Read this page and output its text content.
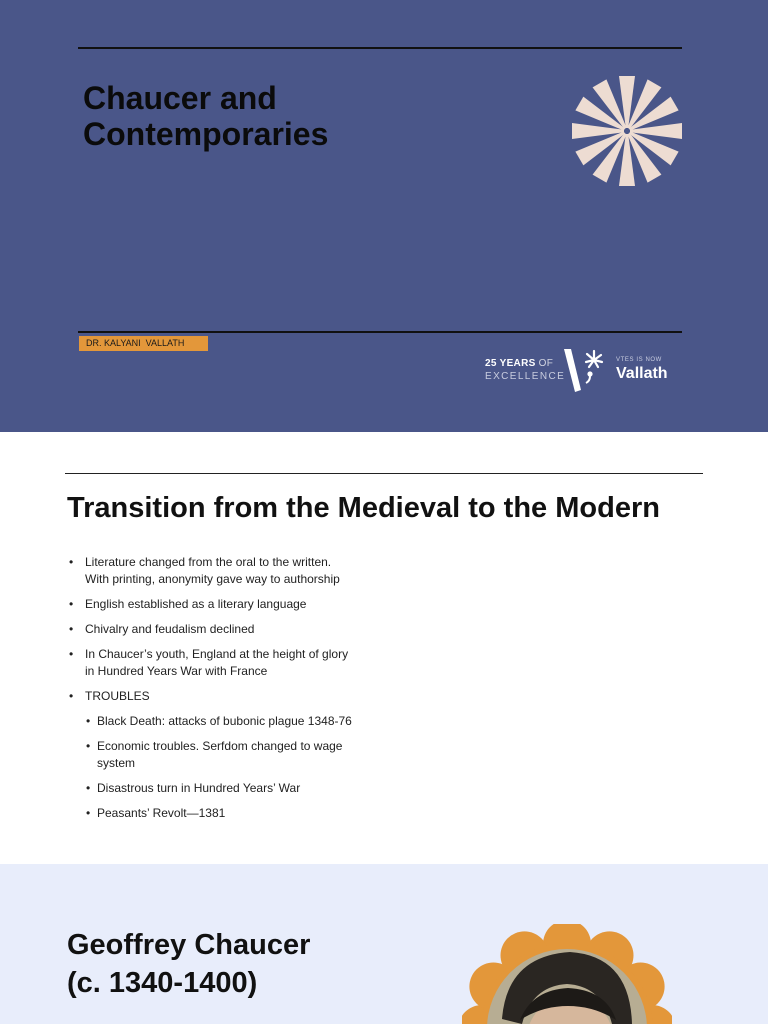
Chaucer and
Contemporaries
DR. KALYANI  VALLATH
25 YEARS OF
EXCELLENCE
VTES IS NOW
Vallath
Transition from the Medieval to the Modern
• Literature changed from the oral to the written.
With printing, anonymity gave way to authorship
• English established as a literary language
• Chivalry and feudalism declined
• In Chaucer’s youth, England at the height of glory
in Hundred Years War with France
• TROUBLES
• Black Death: attacks of bubonic plague 1348-76
• Economic troubles. Serfdom changed to wage
system
• Disastrous turn in Hundred Years’ War
• Peasants’ Revolt—1381
Geoffrey Chaucer
(c. 1340-1400)
